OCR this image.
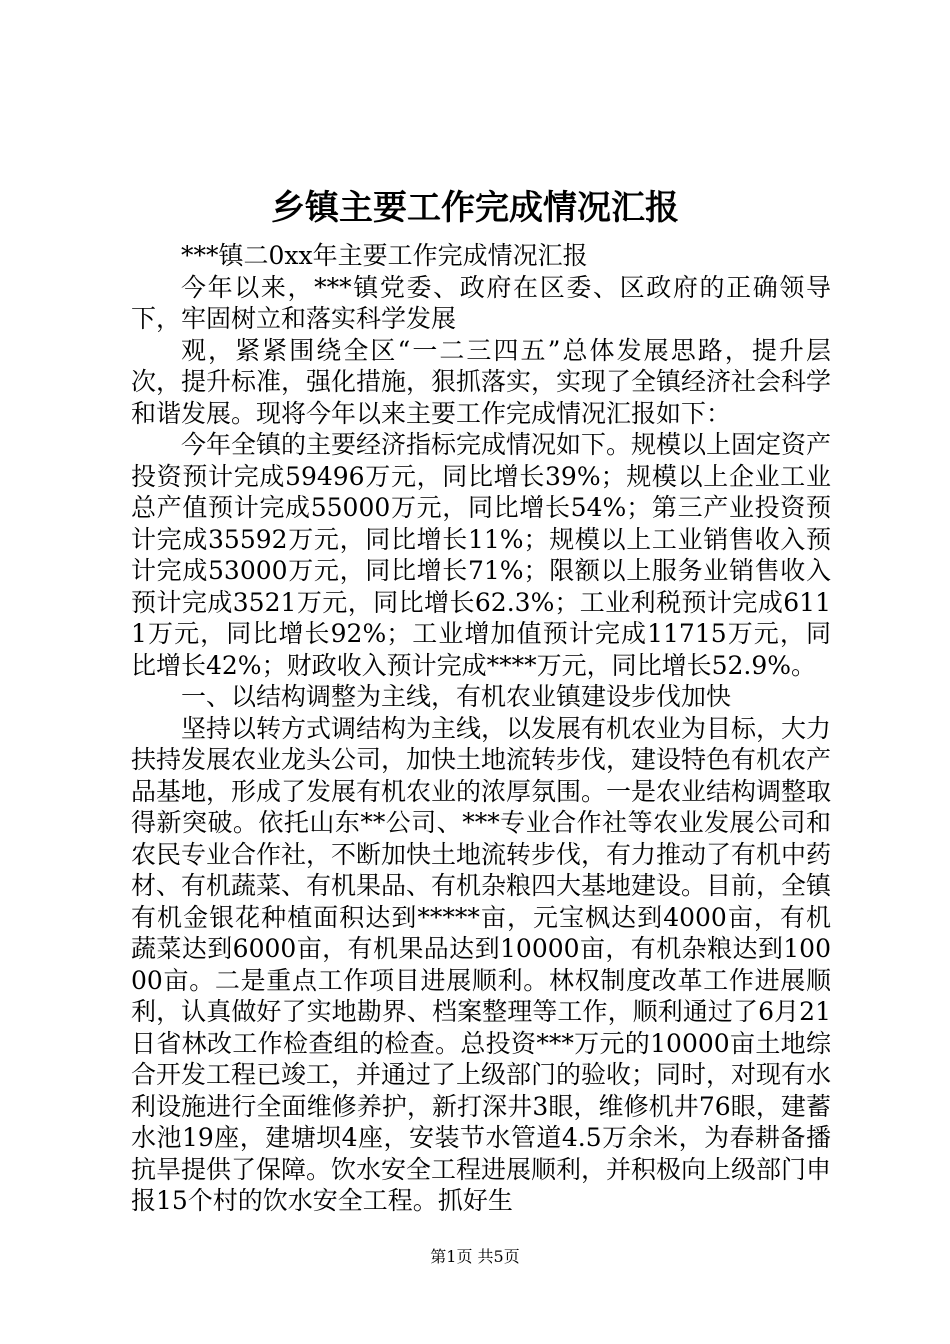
乡镇主要工作完成情况汇报

***镇二0xx年主要工作完成情况汇报

今年以来，***镇党委、政府在区委、区政府的正确领导下，牢固树立和落实科学发展

观，紧紧围绕全区“一二三四五”总体发展思路，提升层次，提升标准，强化措施，狠抓落实，实现了全镇经济社会科学和谐发展。现将今年以来主要工作完成情况汇报如下：

今年全镇的主要经济指标完成情况如下。规模以上固定资产投资预计完成59496万元，同比增长39%；规模以上企业工业总产值预计完成55000万元，同比增长54%；第三产业投资预计完成35592万元，同比增长11%；规模以上工业销售收入预计完成53000万元，同比增长71%；限额以上服务业销售收入预计完成3521万元，同比增长62.3%；工业利税预计完成6111万元，同比增长92%；工业增加值预计完成11715万元，同比增长42%；财政收入预计完成****万元，同比增长52.9%。

一、以结构调整为主线，有机农业镇建设步伐加快

坚持以转方式调结构为主线，以发展有机农业为目标，大力扶持发展农业龙头公司，加快土地流转步伐，建设特色有机农产品基地，形成了发展有机农业的浓厚氛围。一是农业结构调整取得新突破。依托山东**公司、***专业合作社等农业发展公司和农民专业合作社，不断加快土地流转步伐，有力推动了有机中药材、有机蔬菜、有机果品、有机杂粮四大基地建设。目前，全镇有机金银花种植面积达到*****亩，元宝枫达到4000亩，有机蔬菜达到6000亩，有机果品达到10000亩，有机杂粮达到10000亩。二是重点工作项目进展顺利。林权制度改革工作进展顺利，认真做好了实地勘界、档案整理等工作，顺利通过了6月21日省林改工作检查组的检查。总投资***万元的10000亩土地综合开发工程已竣工，并通过了上级部门的验收；同时，对现有水利设施进行全面维修养护，新打深井3眼，维修机井76眼，建蓄水池19座，建塘坝4座，安装节水管道4.5万余米，为春耕备播抗旱提供了保障。饮水安全工程进展顺利，并积极向上级部门申报15个村的饮水安全工程。抓好生

第1页 共5页
